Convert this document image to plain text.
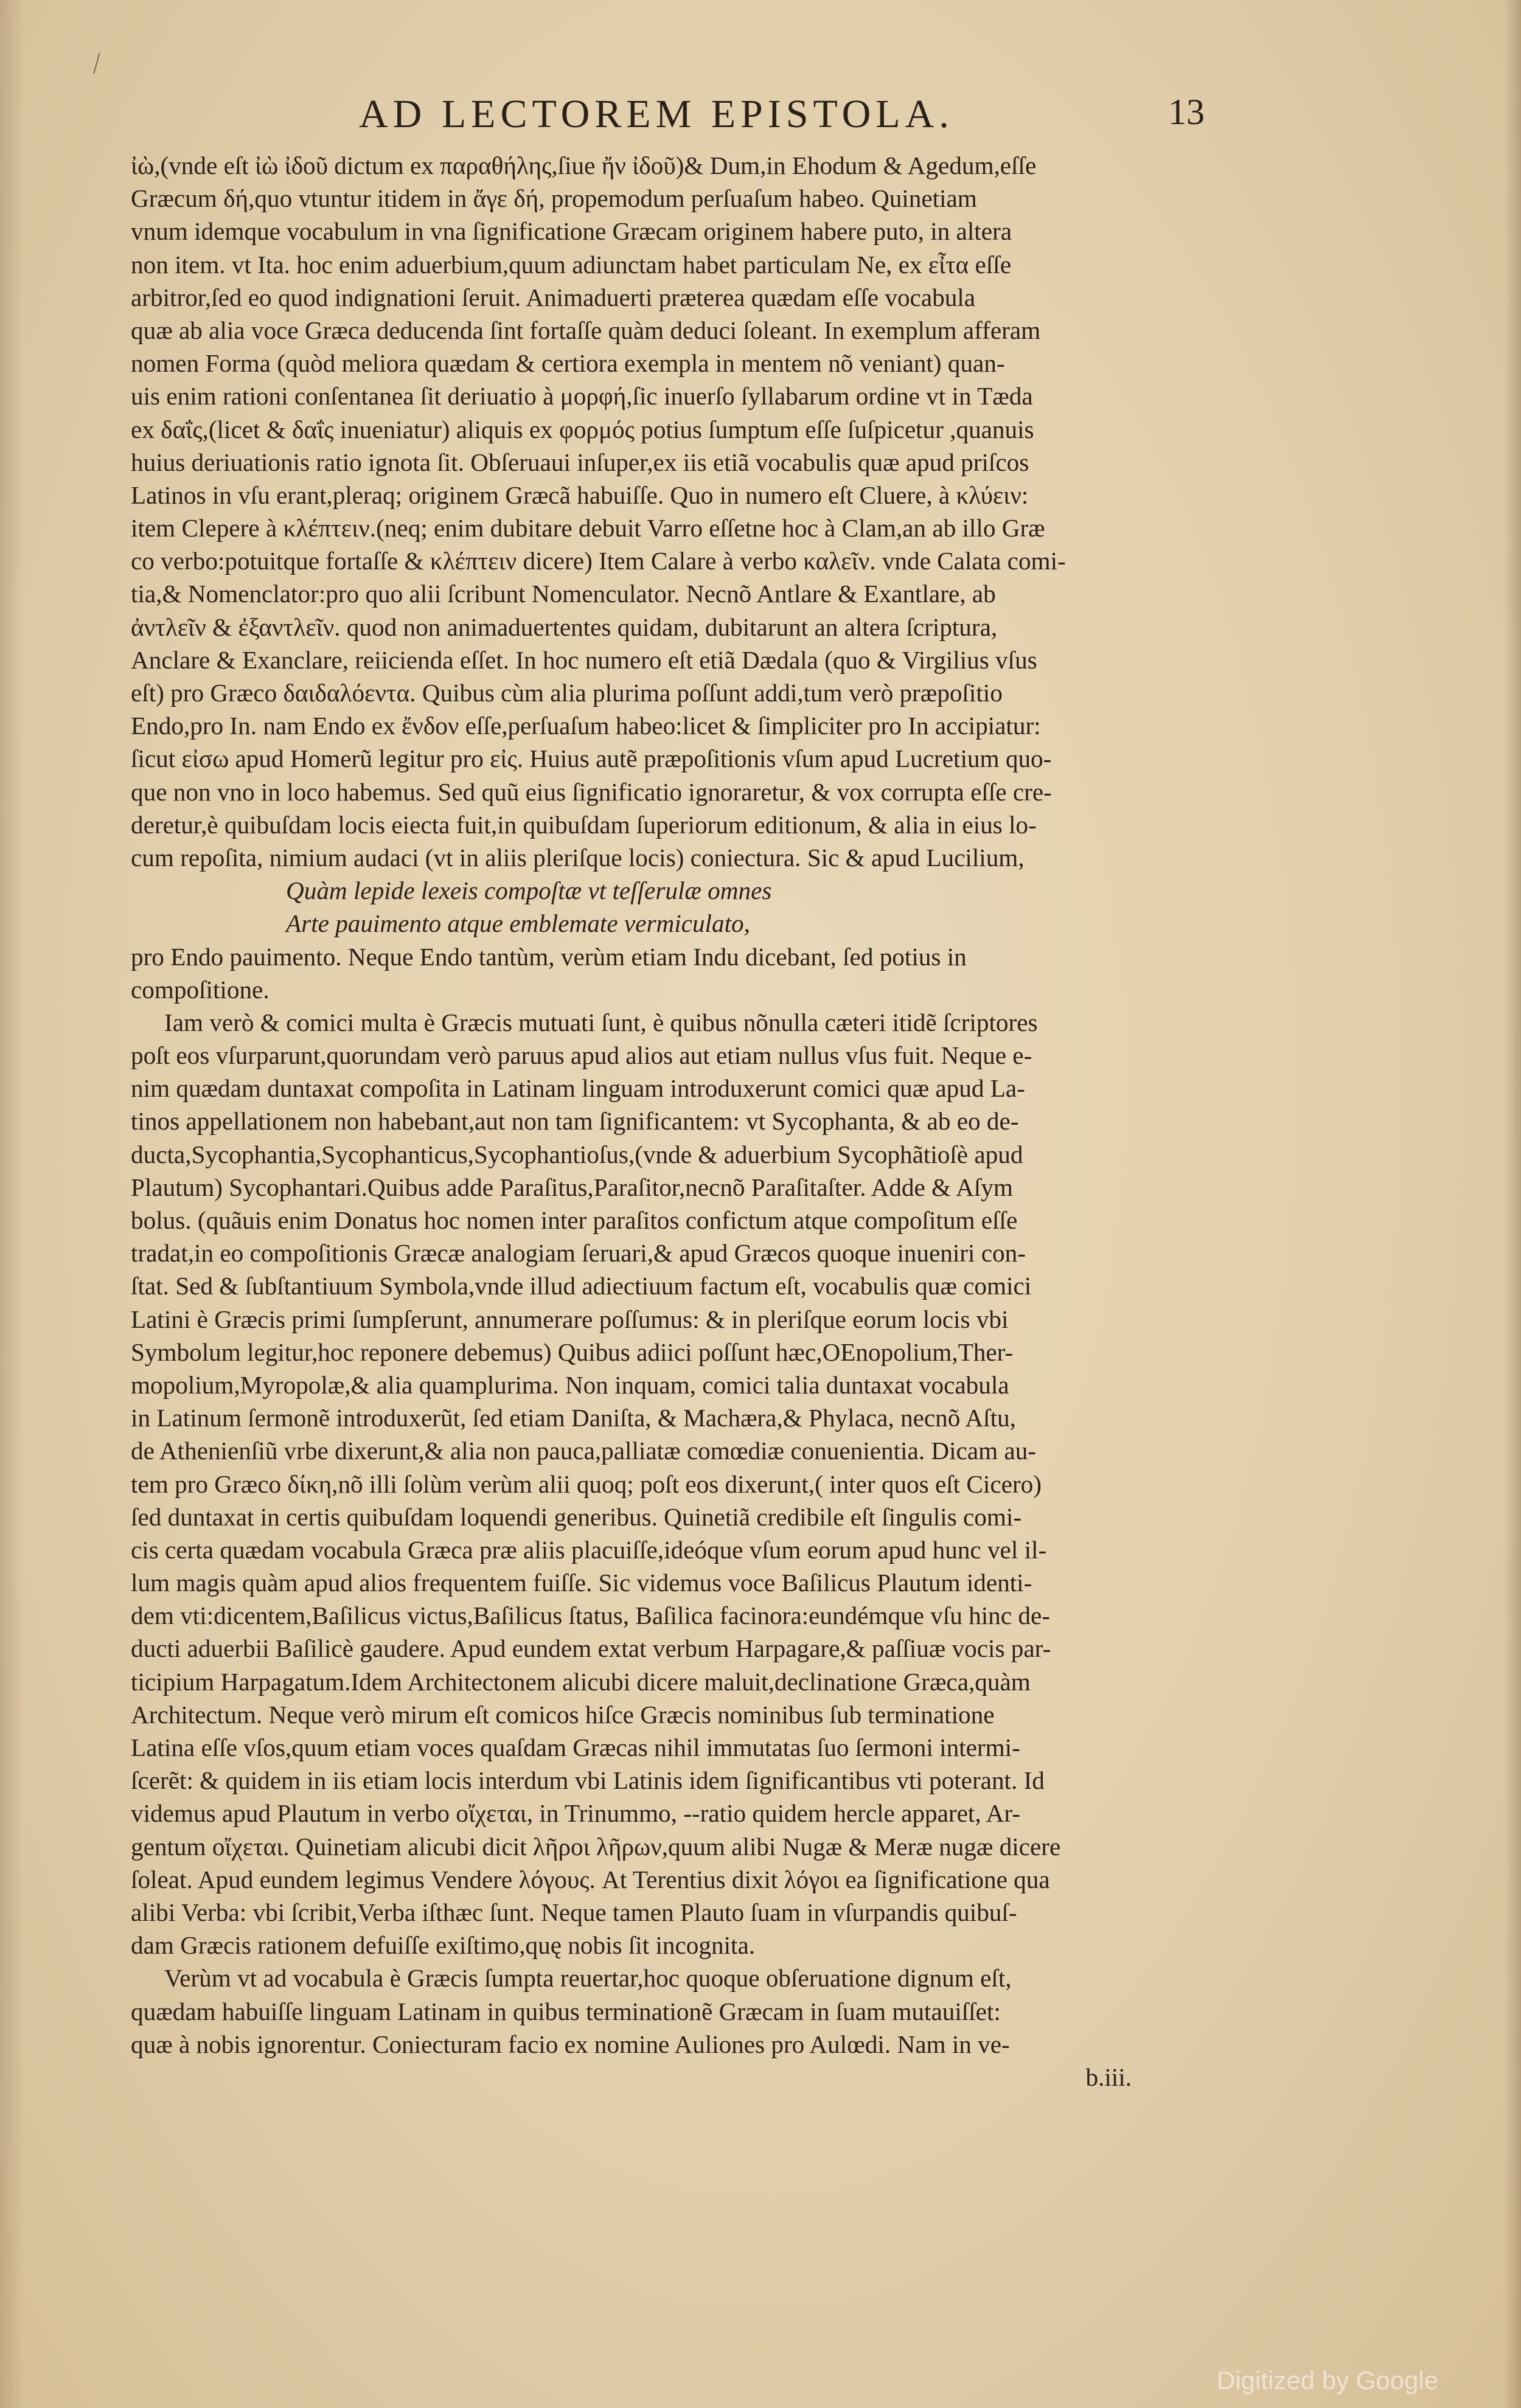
⁄
AD LECTOREM EPISTOLA.	13
ἰὼ,(vnde eſt ἰὼ ἰδοῦ dictum ex παραθήλης,ſiue ἤν ἰδοῦ)& Dum,in Ehodum & Agedum,eſſe
Græcum δή,quo vtuntur itidem in ἄγε δή, propemodum perſuaſum habeo. Quinetiam
vnum idemque vocabulum in vna ſignificatione Græcam originem habere puto, in altera
non item. vt Ita. hoc enim aduerbium,quum adiunctam habet particulam Ne, ex εἶτα eſſe
arbitror,ſed eo quod indignationi ſeruit. Animaduerti præterea quædam eſſe vocabula
quæ ab alia voce Græca deducenda ſint fortaſſe quàm deduci ſoleant. In exemplum afferam
nomen Forma (quòd meliora quædam & certiora exempla in mentem nõ veniant) quan-
uis enim rationi conſentanea ſit deriuatio à μορφή,ſic inuerſo ſyllabarum ordine vt in Tæda
ex δαΐς,(licet & δαΐς inueniatur) aliquis ex φορμός potius ſumptum eſſe ſuſpicetur ,quanuis
huius deriuationis ratio ignota ſit. Obſeruaui inſuper,ex iis etiã vocabulis quæ apud priſcos
Latinos in vſu erant,pleraq; originem Græcã habuiſſe. Quo in numero eſt Cluere, à κλύειν:
item Clepere à κλέπτειν.(neq; enim dubitare debuit Varro eſſetne hoc à Clam,an ab illo Græ
co verbo:potuitque fortaſſe & κλέπτειν dicere) Item Calare à verbo καλεῖν. vnde Calata comi-
tia,& Nomenclator:pro quo alii ſcribunt Nomenculator. Necnõ Antlare & Exantlare, ab
ἀντλεῖν & ἐξαντλεῖν. quod non animaduertentes quidam, dubitarunt an altera ſcriptura,
Anclare & Exanclare, reiicienda eſſet. In hoc numero eſt etiã Dædala (quo & Virgilius vſus
eſt) pro Græco δαιδαλόεντα. Quibus cùm alia plurima poſſunt addi,tum verò præpoſitio
Endo,pro In. nam Endo ex ἔνδον eſſe,perſuaſum habeo:licet & ſimpliciter pro In accipiatur:
ſicut εἰσω apud Homerũ legitur pro εἰς. Huius autẽ præpoſitionis vſum apud Lucretium quo-
que non vno in loco habemus. Sed quũ eius ſignificatio ignoraretur, & vox corrupta eſſe cre-
deretur,è quibuſdam locis eiecta fuit,in quibuſdam ſuperiorum editionum, & alia in eius lo-
cum repoſita, nimium audaci (vt in aliis pleriſque locis) coniectura. Sic & apud Lucilium,
Quàm lepide lexeis compoſtæ vt teſſerulæ omnes
Arte pauimento atque emblemate vermiculato,
pro Endo pauimento. Neque Endo tantùm, verùm etiam Indu dicebant, ſed potius in
compoſitione.
Iam verò & comici multa è Græcis mutuati ſunt, è quibus nõnulla cæteri itidẽ ſcriptores
poſt eos vſurparunt,quorundam verò paruus apud alios aut etiam nullus vſus fuit. Neque e-
nim quædam duntaxat compoſita in Latinam linguam introduxerunt comici quæ apud La-
tinos appellationem non habebant,aut non tam ſignificantem: vt Sycophanta, & ab eo de-
ducta,Sycophantia,Sycophanticus,Sycophantioſus,(vnde & aduerbium Sycophãtioſè apud
Plautum) Sycophantari.Quibus adde Paraſitus,Paraſitor,necnõ Paraſitaſter. Adde & Aſym
bolus. (quãuis enim Donatus hoc nomen inter paraſitos confictum atque compoſitum eſſe
tradat,in eo compoſitionis Græcæ analogiam ſeruari,& apud Græcos quoque inueniri con-
ſtat. Sed & ſubſtantiuum Symbola,vnde illud adiectiuum factum eſt, vocabulis quæ comici
Latini è Græcis primi ſumpſerunt, annumerare poſſumus: & in pleriſque eorum locis vbi
Symbolum legitur,hoc reponere debemus) Quibus adiici poſſunt hæc,OEnopolium,Ther-
mopolium,Myropolæ,& alia quamplurima. Non inquam, comici talia duntaxat vocabula
in Latinum ſermonẽ introduxerũt, ſed etiam Daniſta, & Machæra,& Phylaca, necnõ Aſtu,
de Athenienſiũ vrbe dixerunt,& alia non pauca,palliatæ comœdiæ conuenientia. Dicam au-
tem pro Græco δίκη,nõ illi ſolùm verùm alii quoq; poſt eos dixerunt,( inter quos eſt Cicero)
ſed duntaxat in certis quibuſdam loquendi generibus. Quinetiã credibile eſt ſingulis comi-
cis certa quædam vocabula Græca præ aliis placuiſſe,ideóque vſum eorum apud hunc vel il-
lum magis quàm apud alios frequentem fuiſſe. Sic videmus voce Baſilicus Plautum identi-
dem vti:dicentem,Baſilicus victus,Baſilicus ſtatus, Baſilica facinora:eundémque vſu hinc de-
ducti aduerbii Baſilicè gaudere. Apud eundem extat verbum Harpagare,& paſſiuæ vocis par-
ticipium Harpagatum.Idem Architectonem alicubi dicere maluit,declinatione Græca,quàm
Architectum. Neque verò mirum eſt comicos hiſce Græcis nominibus ſub terminatione
Latina eſſe vſos,quum etiam voces quaſdam Græcas nihil immutatas ſuo ſermoni intermi-
ſcerẽt: & quidem in iis etiam locis interdum vbi Latinis idem ſignificantibus vti poterant. Id
videmus apud Plautum in verbo οἴχεται, in Trinummo, --ratio quidem hercle apparet, Ar-
gentum οἴχεται. Quinetiam alicubi dicit λῆροι λῆρων,quum alibi Nugæ & Meræ nugæ dicere
ſoleat. Apud eundem legimus Vendere λόγους. At Terentius dixit λόγοι ea ſignificatione qua
alibi Verba: vbi ſcribit,Verba iſthæc ſunt. Neque tamen Plauto ſuam in vſurpandis quibuſ-
dam Græcis rationem defuiſſe exiſtimo,quę nobis ſit incognita.
Verùm vt ad vocabula è Græcis ſumpta reuertar,hoc quoque obſeruatione dignum eſt,
quædam habuiſſe linguam Latinam in quibus terminationẽ Græcam in ſuam mutauiſſet:
quæ à nobis ignorentur. Coniecturam facio ex nomine Auliones pro Aulœdi. Nam in ve-
b.iii.
Digitized by Google
